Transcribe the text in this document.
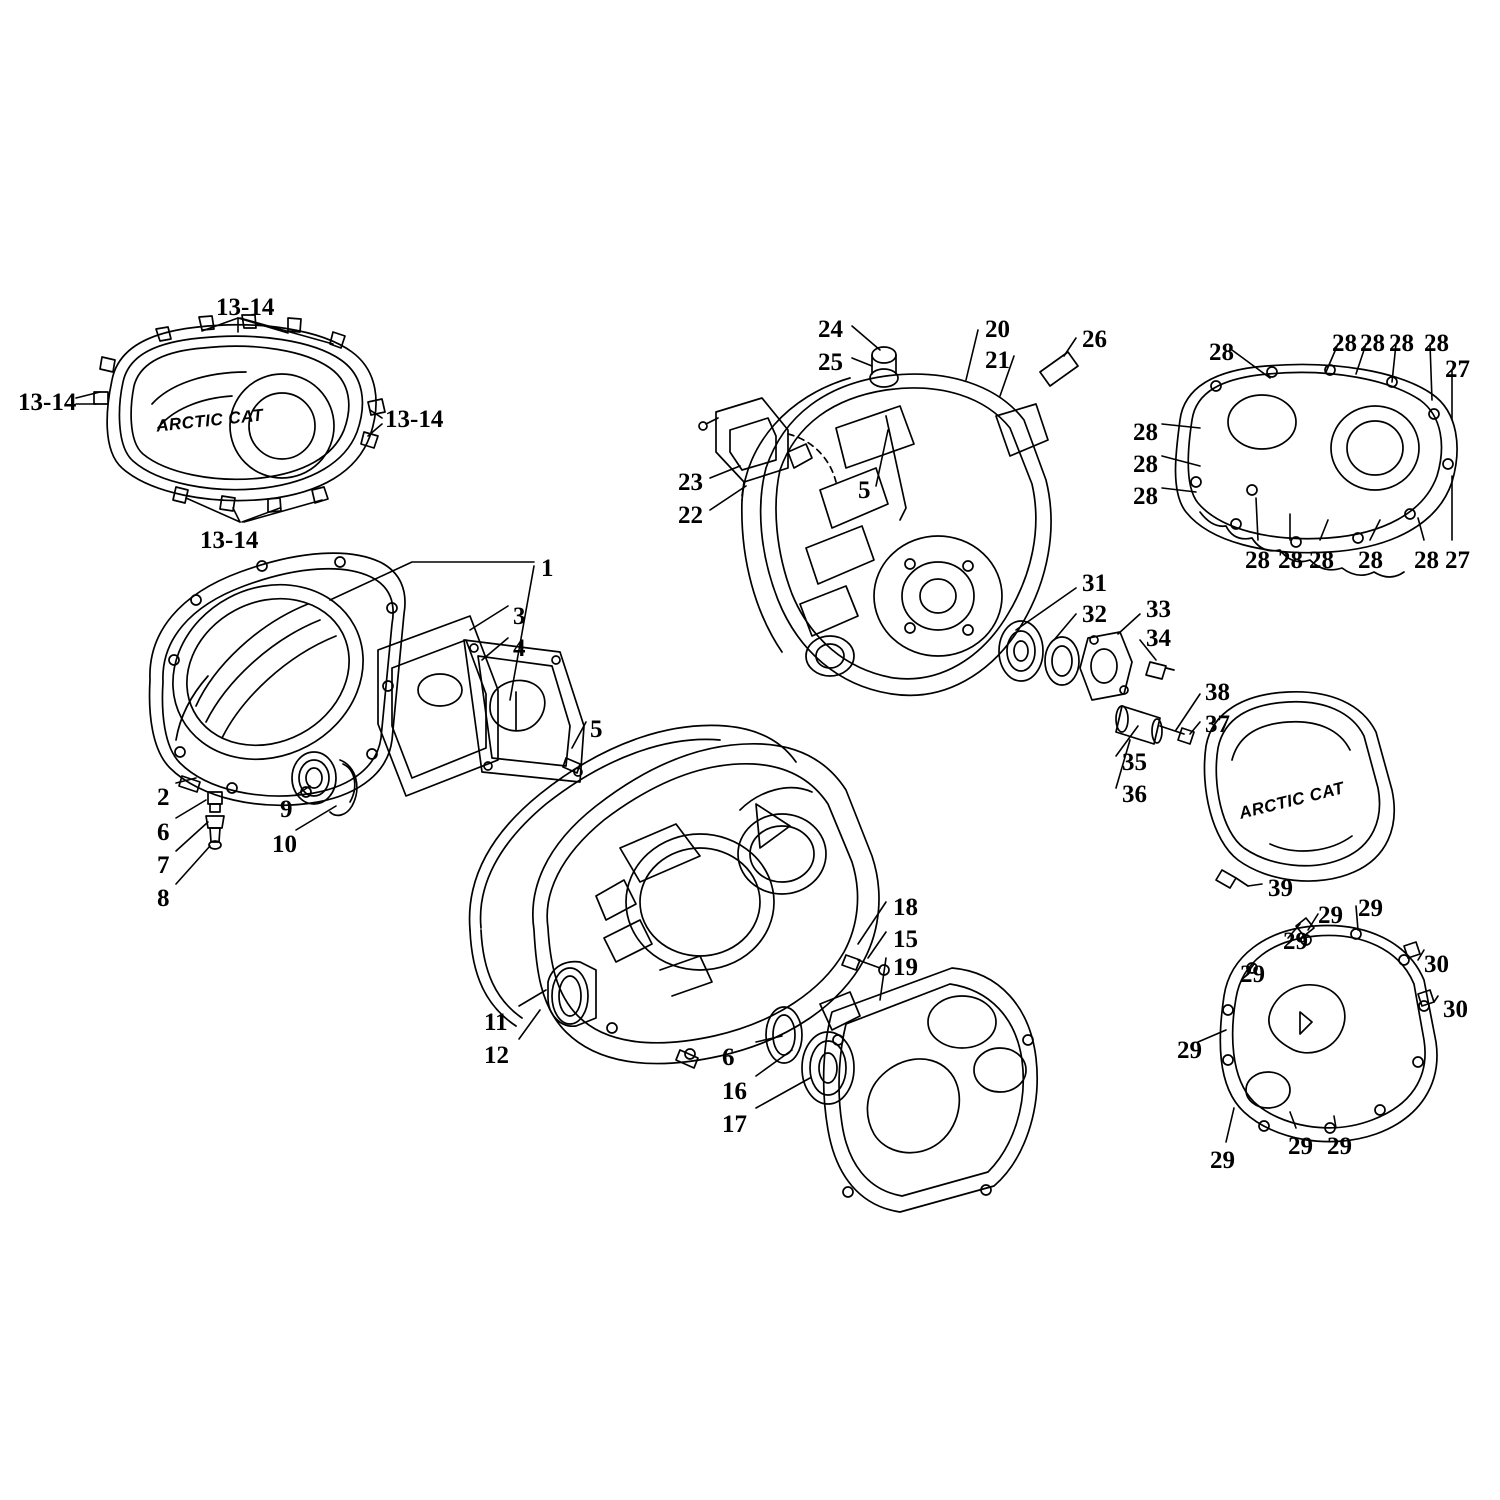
ARCTIC CAT
ARCTIC CAT
13-14
13-14
13-14
13-14
1
3
4
5
2
6
7
8
9
10
11
12	6
16
17
18
15
19
24
25
20
21
26
23
22
5
28	28 28 28 28
27
28
28
28
28 28 28 28 28 27
31
32 33
34
35
36
38
37
39
29
29
29
29
29
29
29 29
30
30
